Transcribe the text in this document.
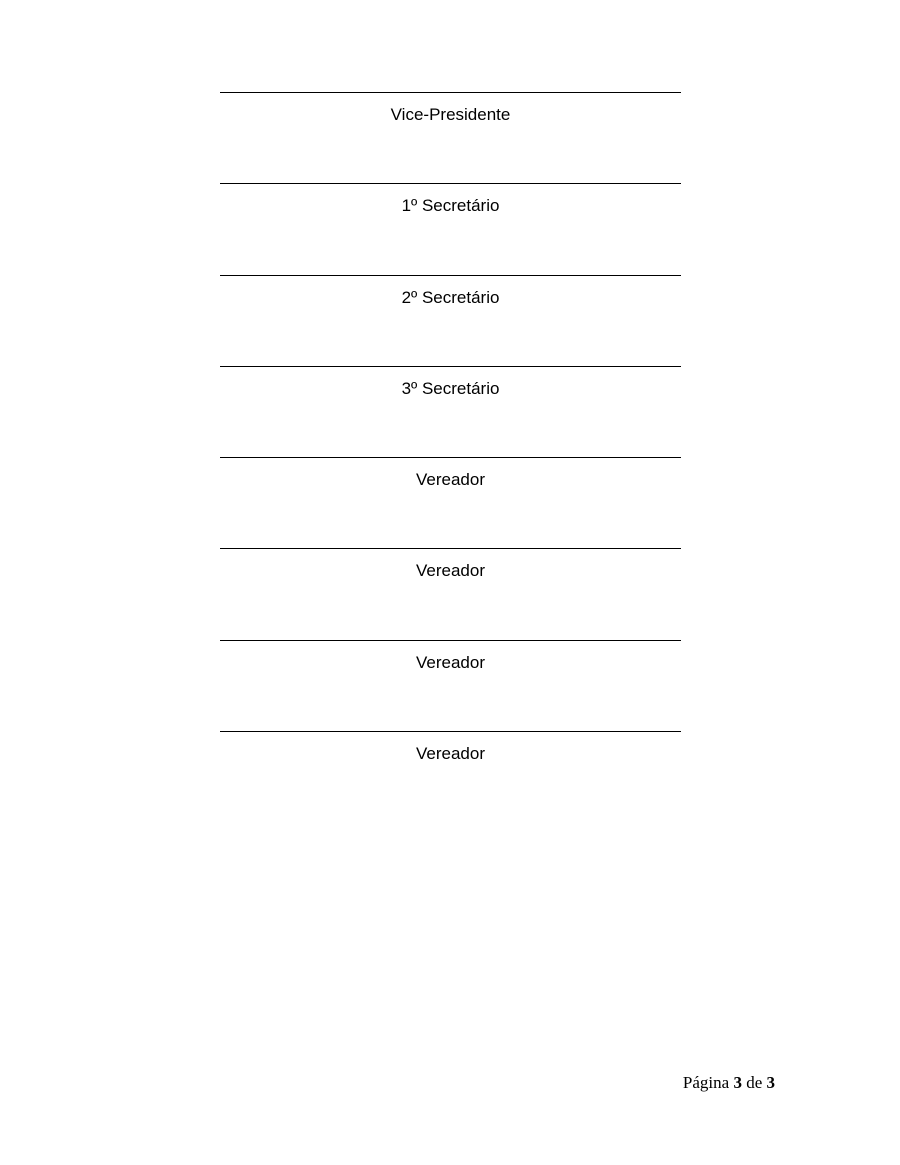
Vice-Presidente
1º Secretário
2º Secretário
3º Secretário
Vereador
Vereador
Vereador
Vereador
Página 3 de 3
